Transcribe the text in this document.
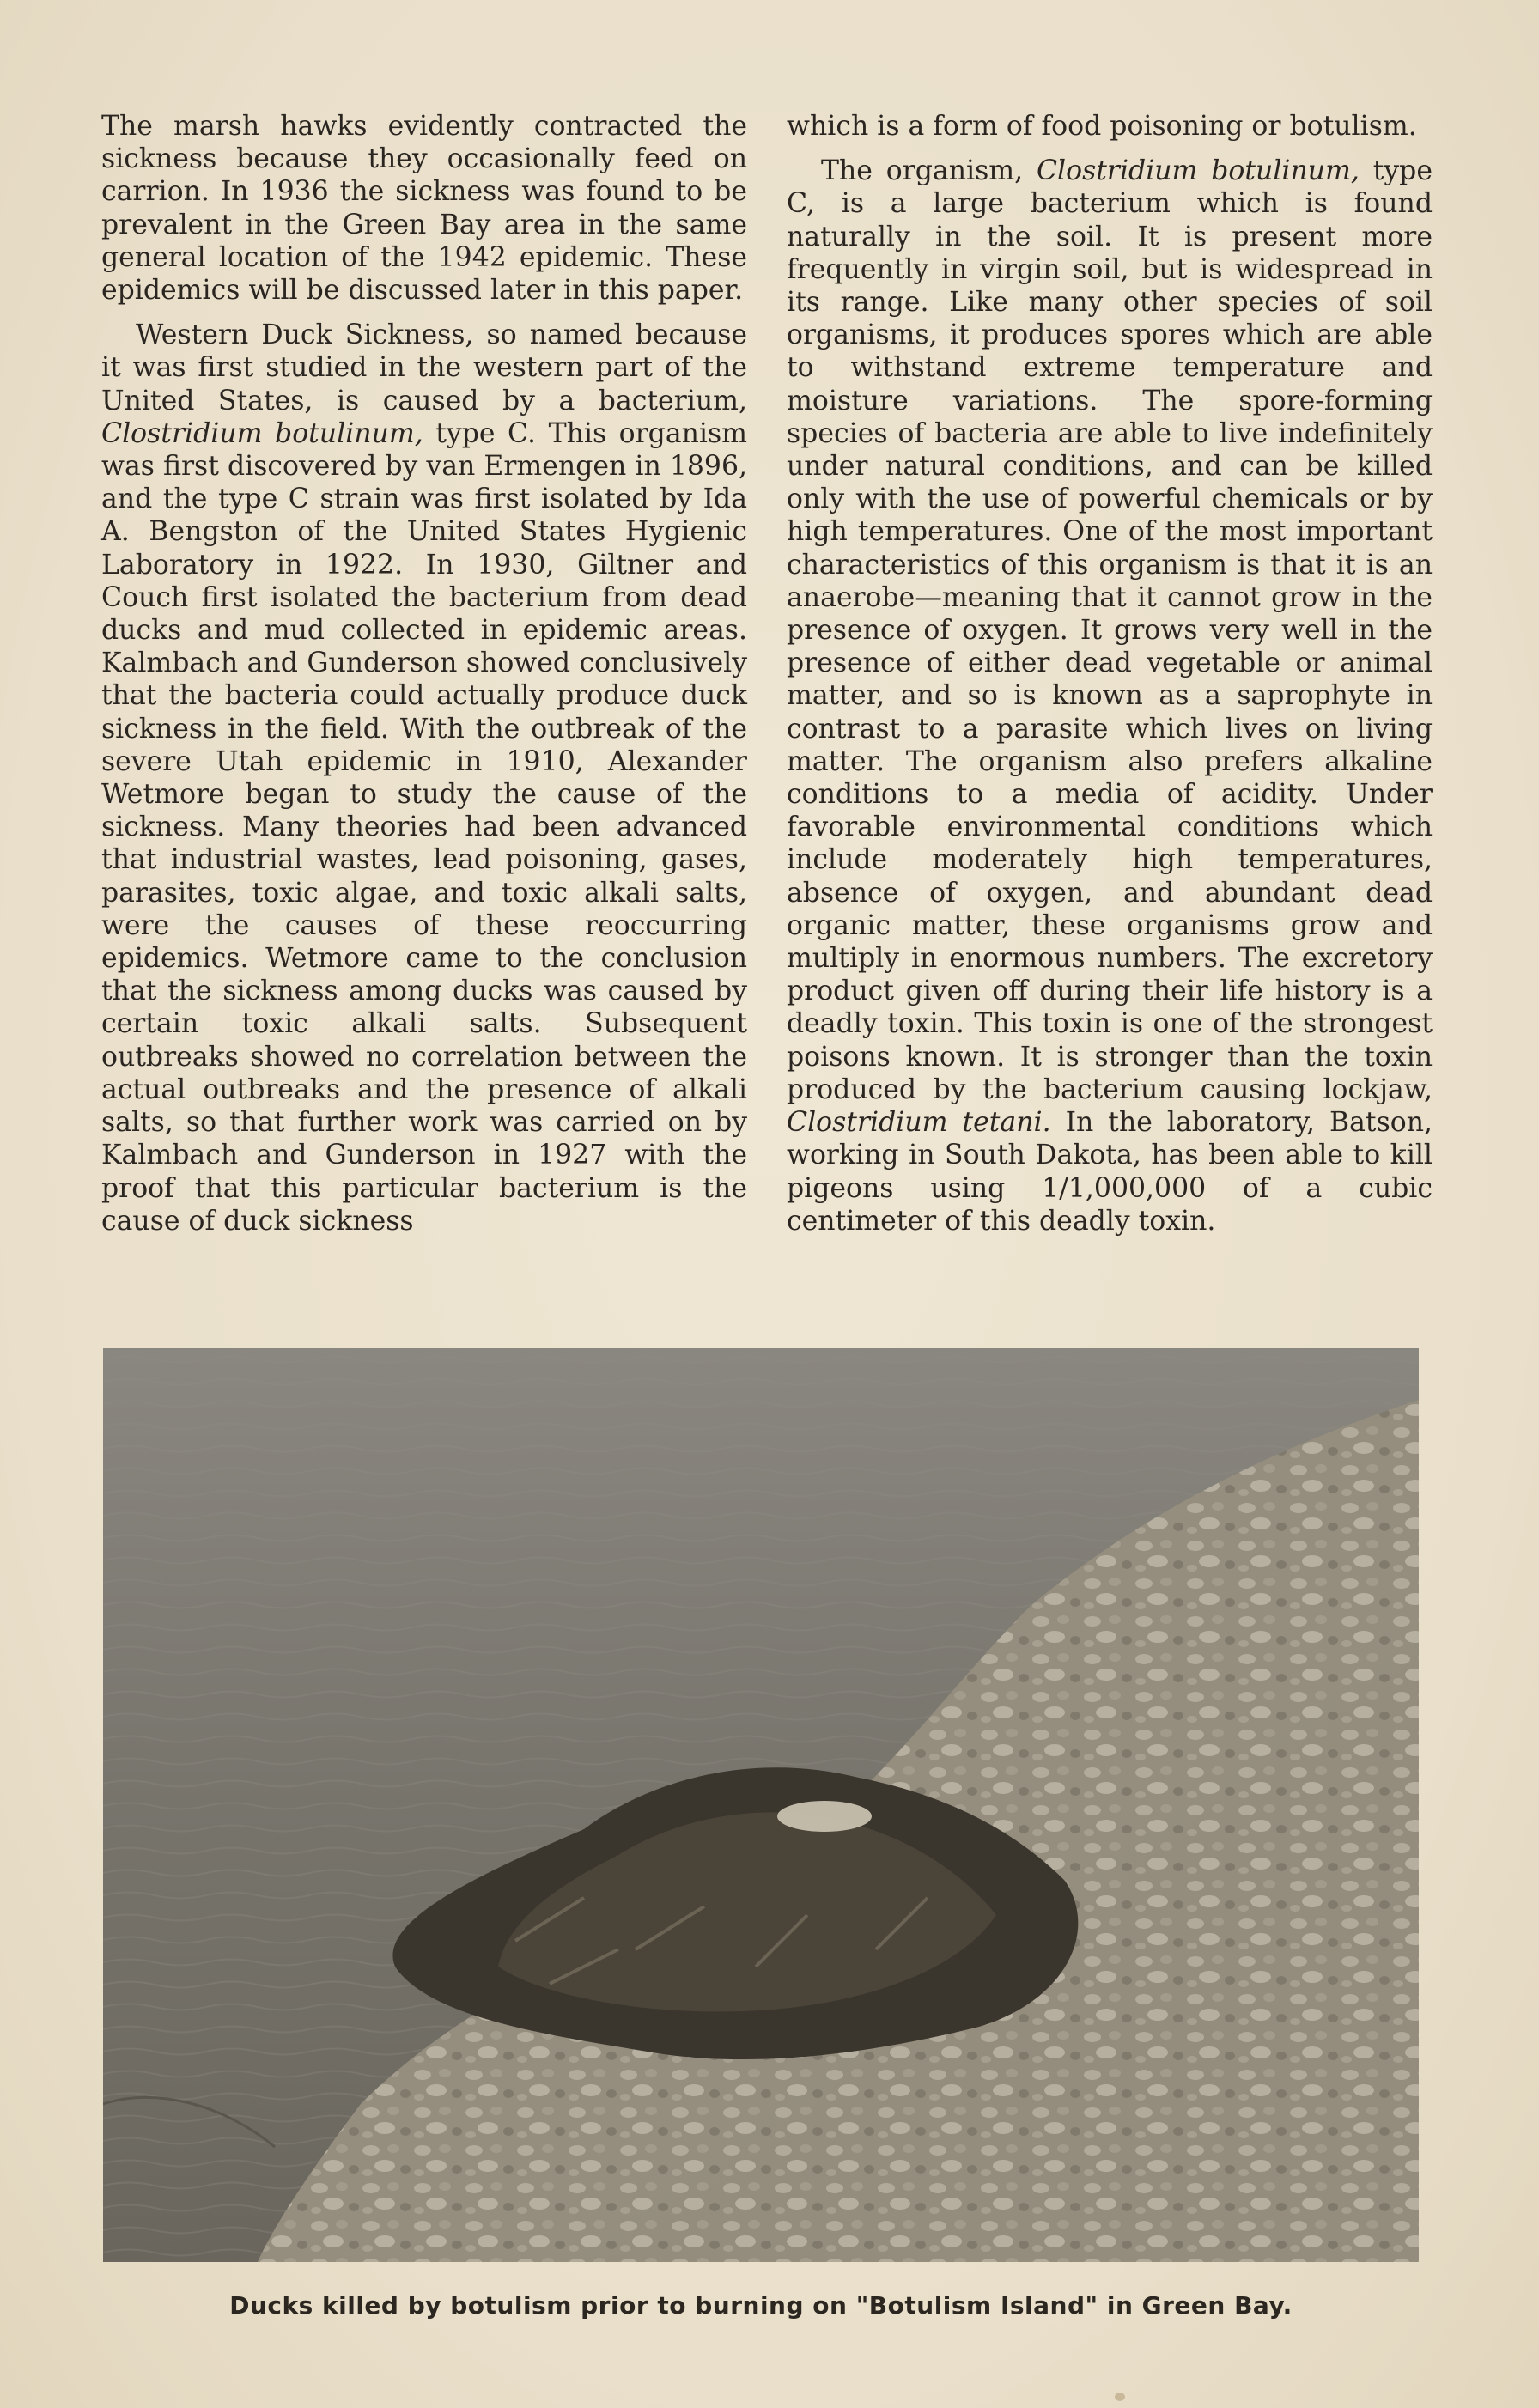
The marsh hawks evidently contracted the sickness because they occasionally feed on carrion. In 1936 the sickness was found to be prevalent in the Green Bay area in the same general location of the 1942 epidemic. These epidemics will be discussed later in this paper.

Western Duck Sickness, so named because it was first studied in the western part of the United States, is caused by a bacterium, Clostridium botulinum, type C. This organism was first discovered by van Ermengen in 1896, and the type C strain was first isolated by Ida A. Bengston of the United States Hygienic Laboratory in 1922. In 1930, Giltner and Couch first isolated the bacterium from dead ducks and mud collected in epidemic areas. Kalmbach and Gunderson showed conclusively that the bacteria could actually produce duck sickness in the field. With the outbreak of the severe Utah epidemic in 1910, Alexander Wetmore began to study the cause of the sickness. Many theories had been advanced that industrial wastes, lead poisoning, gases, parasites, toxic algae, and toxic alkali salts, were the causes of these reoccurring epidemics. Wetmore came to the conclusion that the sickness among ducks was caused by certain toxic alkali salts. Subsequent outbreaks showed no correlation between the actual outbreaks and the presence of alkali salts, so that further work was carried on by Kalmbach and Gunderson in 1927 with the proof that this particular bacterium is the cause of duck sickness

which is a form of food poisoning or botulism.

The organism, Clostridium botulinum, type C, is a large bacterium which is found naturally in the soil. It is present more frequently in virgin soil, but is widespread in its range. Like many other species of soil organisms, it produces spores which are able to withstand extreme temperature and moisture variations. The spore-forming species of bacteria are able to live indefinitely under natural conditions, and can be killed only with the use of powerful chemicals or by high temperatures. One of the most important characteristics of this organism is that it is an anaerobe—meaning that it cannot grow in the presence of oxygen. It grows very well in the presence of either dead vegetable or animal matter, and so is known as a saprophyte in contrast to a parasite which lives on living matter. The organism also prefers alkaline conditions to a media of acidity. Under favorable environmental conditions which include moderately high temperatures, absence of oxygen, and abundant dead organic matter, these organisms grow and multiply in enormous numbers. The excretory product given off during their life history is a deadly toxin. This toxin is one of the strongest poisons known. It is stronger than the toxin produced by the bacterium causing lockjaw, Clostridium tetani. In the laboratory, Batson, working in South Dakota, has been able to kill pigeons using 1/1,000,000 of a cubic centimeter of this deadly toxin.

Ducks killed by botulism prior to burning on "Botulism Island" in Green Bay.
